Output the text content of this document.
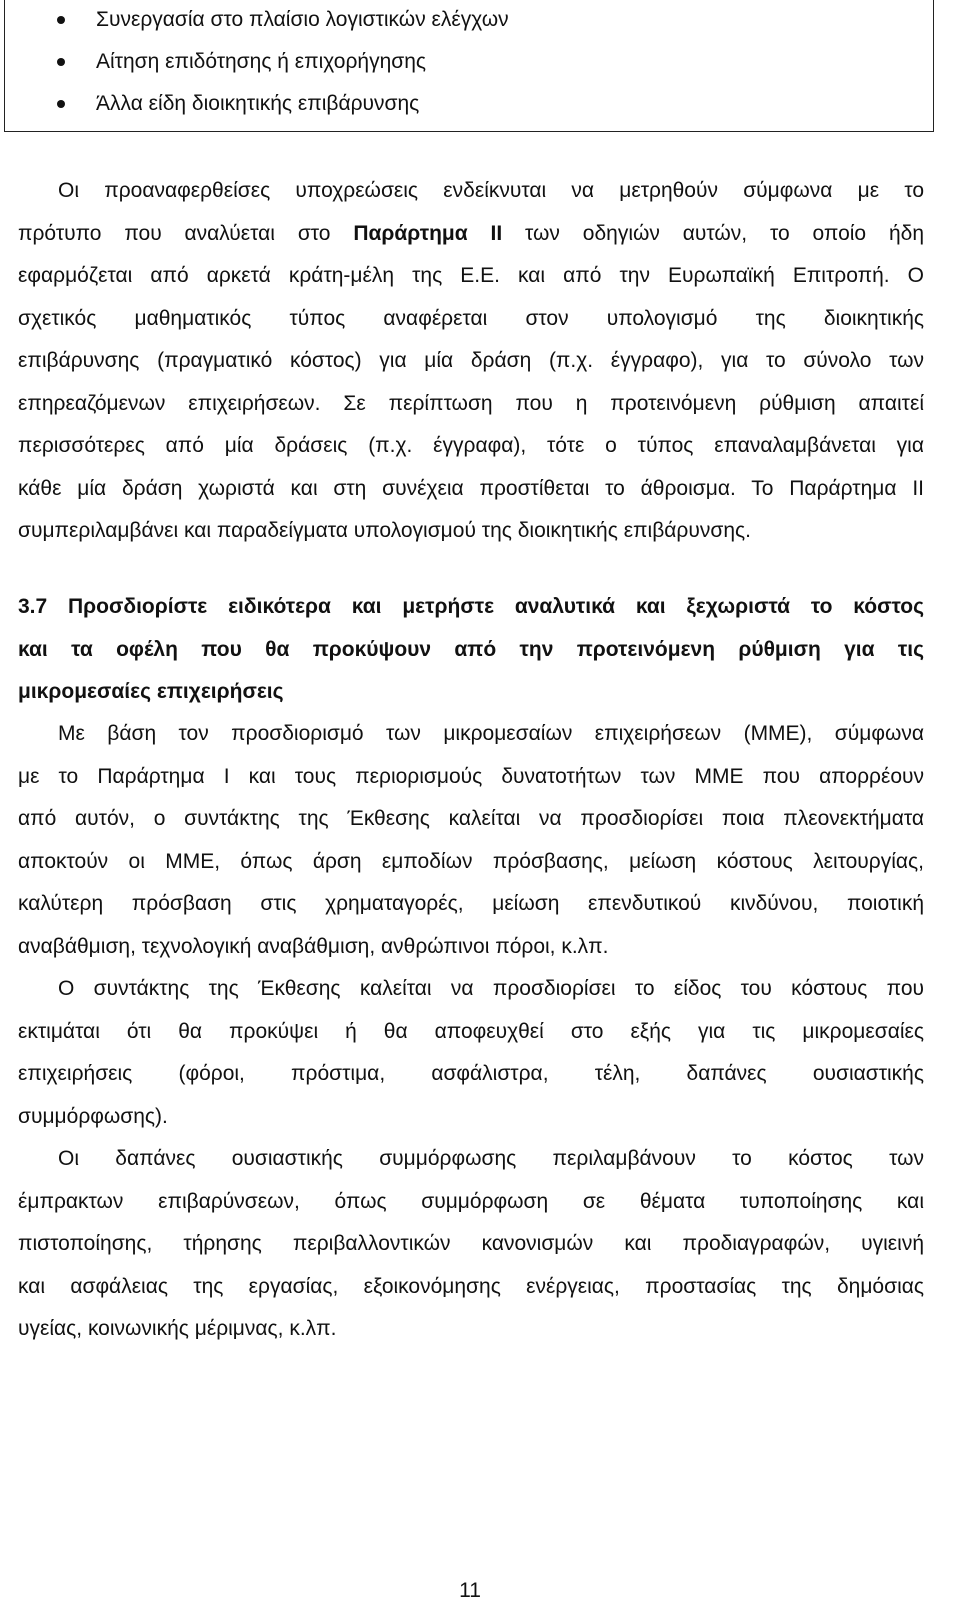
Συνεργασία στο πλαίσιο λογιστικών ελέγχων
Αίτηση επιδότησης ή επιχορήγησης
Άλλα είδη διοικητικής επιβάρυνσης
Οι προαναφερθείσες υποχρεώσεις ενδείκνυται να μετρηθούν σύμφωνα με το
πρότυπο που αναλύεται στο Παράρτημα ΙΙ των οδηγιών αυτών, το οποίο ήδη
εφαρμόζεται από αρκετά κράτη-μέλη της Ε.Ε. και από την Ευρωπαϊκή Επιτροπή. Ο
σχετικός μαθηματικός τύπος αναφέρεται στον υπολογισμό της διοικητικής
επιβάρυνσης (πραγματικό κόστος) για μία δράση (π.χ. έγγραφο), για το σύνολο των
επηρεαζόμενων επιχειρήσεων. Σε περίπτωση που η προτεινόμενη ρύθμιση απαιτεί
περισσότερες από μία δράσεις (π.χ. έγγραφα), τότε ο τύπος επαναλαμβάνεται για
κάθε μία δράση χωριστά και στη συνέχεια προστίθεται το άθροισμα. Το Παράρτημα ΙΙ
συμπεριλαμβάνει και παραδείγματα υπολογισμού της διοικητικής επιβάρυνσης.
3.7 Προσδιορίστε ειδικότερα και μετρήστε αναλυτικά και ξεχωριστά το κόστος
και τα οφέλη που θα προκύψουν από την προτεινόμενη ρύθμιση για τις
μικρομεσαίες επιχειρήσεις
Με βάση τον προσδιορισμό των μικρομεσαίων επιχειρήσεων (ΜΜΕ), σύμφωνα
με το Παράρτημα Ι και τους περιορισμούς δυνατοτήτων των ΜΜΕ που απορρέουν
από αυτόν, ο συντάκτης της Έκθεσης καλείται να προσδιορίσει ποια πλεονεκτήματα
αποκτούν οι ΜΜΕ, όπως άρση εμποδίων πρόσβασης, μείωση κόστους λειτουργίας,
καλύτερη πρόσβαση στις χρηματαγορές, μείωση επενδυτικού κινδύνου, ποιοτική
αναβάθμιση, τεχνολογική αναβάθμιση, ανθρώπινοι πόροι, κ.λπ.
Ο συντάκτης της Έκθεσης καλείται να προσδιορίσει το είδος του κόστους που
εκτιμάται ότι θα προκύψει ή θα αποφευχθεί στο εξής για τις μικρομεσαίες
επιχειρήσεις (φόροι, πρόστιμα, ασφάλιστρα, τέλη, δαπάνες ουσιαστικής
συμμόρφωσης).
Οι δαπάνες ουσιαστικής συμμόρφωσης περιλαμβάνουν το κόστος των
έμπρακτων επιβαρύνσεων, όπως συμμόρφωση σε θέματα τυποποίησης και
πιστοποίησης, τήρησης περιβαλλοντικών κανονισμών και προδιαγραφών, υγιεινή
και ασφάλειας της εργασίας, εξοικονόμησης ενέργειας, προστασίας της δημόσιας
υγείας, κοινωνικής μέριμνας, κ.λπ.
11
